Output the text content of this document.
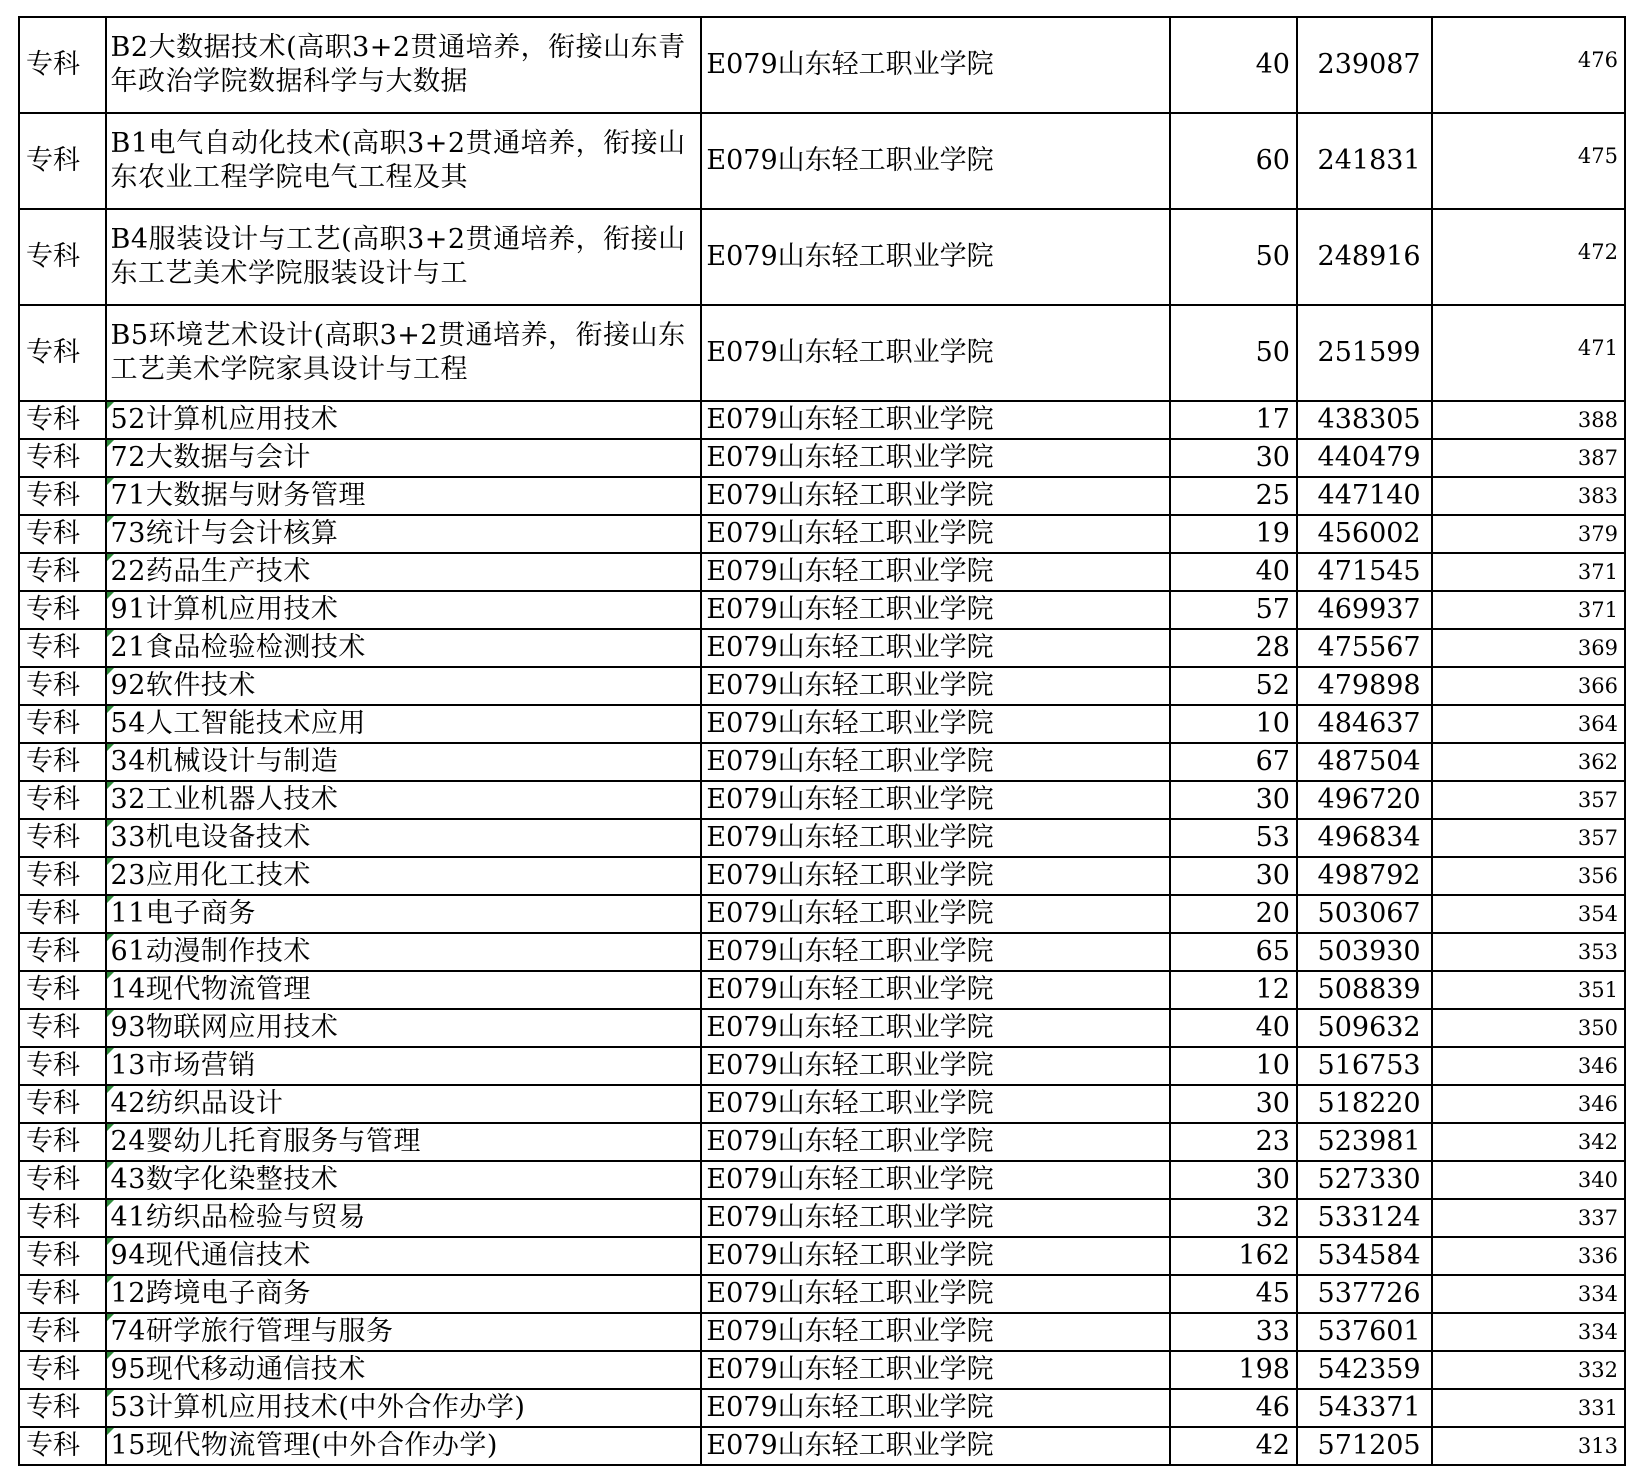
专科	B2大数据技术(高职3+2贯通培养，衔接山东青年政治学院数据科学与大数据	E079山东轻工职业学院	40	239087	476
专科	B1电气自动化技术(高职3+2贯通培养，衔接山东农业工程学院电气工程及其	E079山东轻工职业学院	60	241831	475
专科	B4服装设计与工艺(高职3+2贯通培养，衔接山东工艺美术学院服装设计与工	E079山东轻工职业学院	50	248916	472
专科	B5环境艺术设计(高职3+2贯通培养，衔接山东工艺美术学院家具设计与工程	E079山东轻工职业学院	50	251599	471
专科	52计算机应用技术	E079山东轻工职业学院	17	438305	388
专科	72大数据与会计	E079山东轻工职业学院	30	440479	387
专科	71大数据与财务管理	E079山东轻工职业学院	25	447140	383
专科	73统计与会计核算	E079山东轻工职业学院	19	456002	379
专科	22药品生产技术	E079山东轻工职业学院	40	471545	371
专科	91计算机应用技术	E079山东轻工职业学院	57	469937	371
专科	21食品检验检测技术	E079山东轻工职业学院	28	475567	369
专科	92软件技术	E079山东轻工职业学院	52	479898	366
专科	54人工智能技术应用	E079山东轻工职业学院	10	484637	364
专科	34机械设计与制造	E079山东轻工职业学院	67	487504	362
专科	32工业机器人技术	E079山东轻工职业学院	30	496720	357
专科	33机电设备技术	E079山东轻工职业学院	53	496834	357
专科	23应用化工技术	E079山东轻工职业学院	30	498792	356
专科	11电子商务	E079山东轻工职业学院	20	503067	354
专科	61动漫制作技术	E079山东轻工职业学院	65	503930	353
专科	14现代物流管理	E079山东轻工职业学院	12	508839	351
专科	93物联网应用技术	E079山东轻工职业学院	40	509632	350
专科	13市场营销	E079山东轻工职业学院	10	516753	346
专科	42纺织品设计	E079山东轻工职业学院	30	518220	346
专科	24婴幼儿托育服务与管理	E079山东轻工职业学院	23	523981	342
专科	43数字化染整技术	E079山东轻工职业学院	30	527330	340
专科	41纺织品检验与贸易	E079山东轻工职业学院	32	533124	337
专科	94现代通信技术	E079山东轻工职业学院	162	534584	336
专科	12跨境电子商务	E079山东轻工职业学院	45	537726	334
专科	74研学旅行管理与服务	E079山东轻工职业学院	33	537601	334
专科	95现代移动通信技术	E079山东轻工职业学院	198	542359	332
专科	53计算机应用技术(中外合作办学)	E079山东轻工职业学院	46	543371	331
专科	15现代物流管理(中外合作办学)	E079山东轻工职业学院	42	571205	313
